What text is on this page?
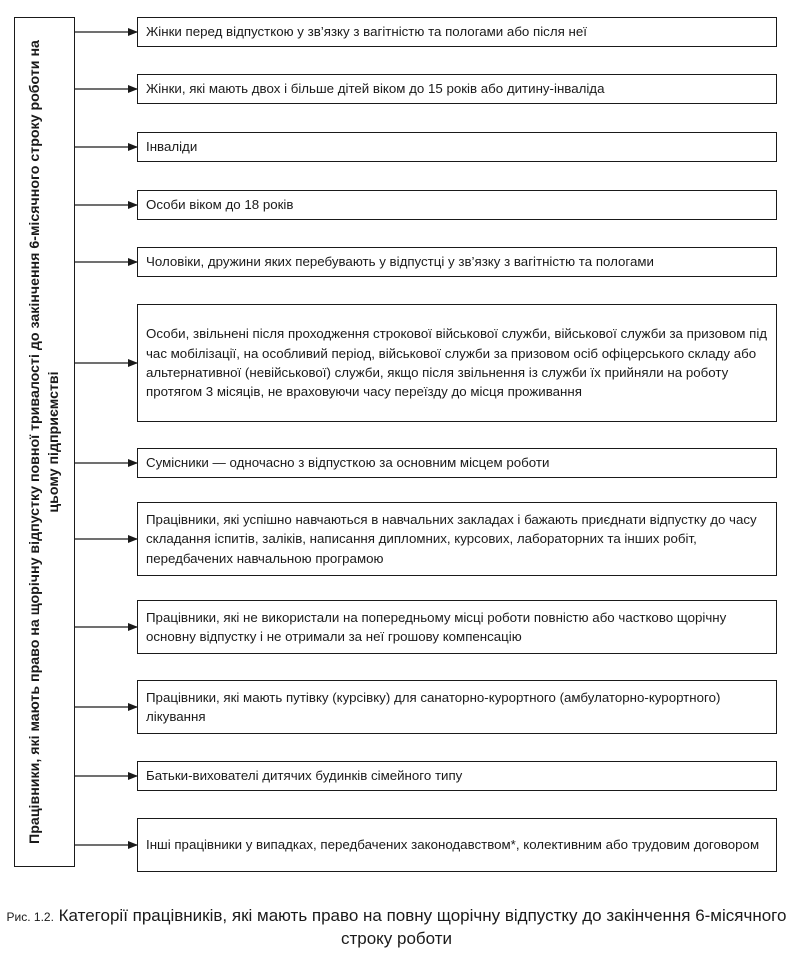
Працівники, які мають право на щорічну відпустку повної тривалості до закінчення 6-місячного строку роботи на цьому підприємстві
Жінки перед відпусткою у зв’язку з вагітністю та пологами або після неї
Жінки, які мають двох і більше дітей віком до 15 років або дитину-інваліда
Інваліди
Особи віком до 18 років
Чоловіки, дружини яких перебувають у відпустці у зв’язку з вагітністю та пологами
Особи, звільнені після проходження строкової військової служби, військової служби за призовом під час мобілізації, на особливий період, військової служби за призовом осіб офіцерського складу або альтернативної (невійськової) служби, якщо після звільнення із служби їх прийняли на роботу протягом 3 місяців, не враховуючи часу переїзду до місця проживання
Сумісники — одночасно з відпусткою за основним місцем роботи
Працівники, які успішно навчаються в навчальних закладах і бажають приєднати відпустку до часу складання іспитів, заліків, написання дипломних, курсових, лабораторних та інших робіт, передбачених навчальною програмою
Працівники, які не використали на попередньому місці роботи повністю або частково щорічну основну відпустку і не отримали за неї грошову компенсацію
Працівники, які мають путівку (курсівку) для санаторно-курортного (амбулаторно-курортного) лікування
Батьки-вихователі дитячих будинків сімейного типу
Інші працівники у випадках, передбачених законодавством*, колективним або трудовим договором
Рис. 1.2. Категорії працівників, які мають право на повну щорічну відпустку до закінчення 6-місячного строку роботи
